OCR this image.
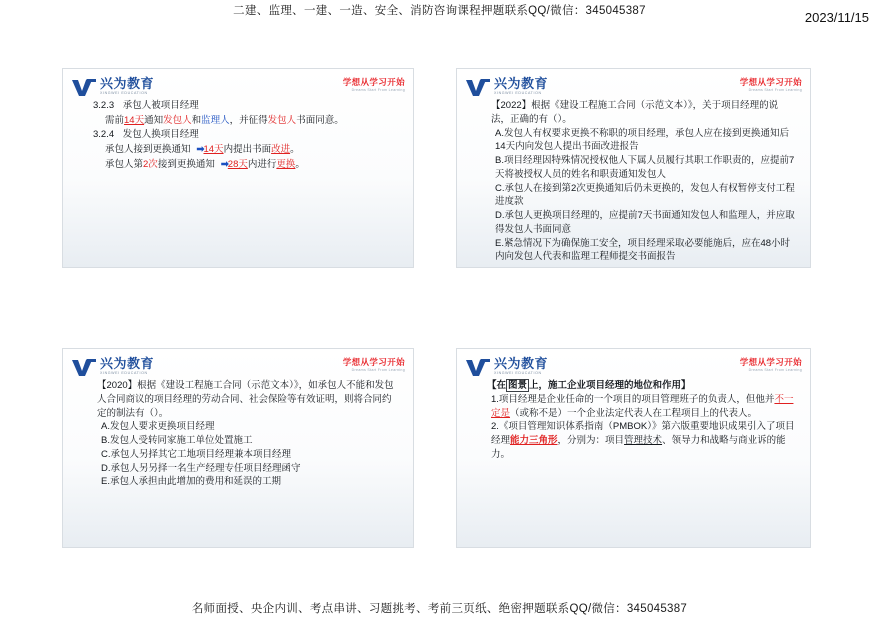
二建、监理、一建、一造、安全、消防咨询课程押题联系QQ/微信：345045387	2023/11/15
兴为教育
XINGWEI EDUCATION
学想从学习开始
Dreams Start From Learning
3.2.3 承包人被项目经理
需前14天通知发包人和监理人，并征得发包人书面同意。
3.2.4 发包人换项目经理
承包人接到更换通知 ➡14天内提出书面改进。
承包人第2次接到更换通知 ➡28天内进行更换。
兴为教育
XINGWEI EDUCATION
学想从学习开始
Dreams Start From Learning
【2022】根据《建设工程施工合同（示范文本）》，关于项目经理的说法，正确的有（）。
A.发包人有权要求更换不称职的项目经理，承包人应在接到更换通知后14天内向发包人提出书面改进报告
B.项目经理因特殊情况授权他人下属人员履行其职工作职责的，应提前7天将被授权人员的姓名和职责通知发包人
C.承包人在接到第2次更换通知后仍未更换的，发包人有权暂停支付工程进度款
D.承包人更换项目经理的，应提前7天书面通知发包人和监理人，并应取得发包人书面同意
E.紧急情况下为确保施工安全，项目经理采取必要能施后，应在48小时内向发包人代表和监理工程师提交书面报告
兴为教育
XINGWEI EDUCATION
学想从学习开始
Dreams Start From Learning
【2020】根据《建设工程施工合同（示范文本）》，如承包人不能和发包人合同商议的项目经理的劳动合同、社会保险等有效证明，则将合同约定的制法有（）。
A.发包人要求更换项目经理
B.发包人受转同家施工单位处置施工
C.承包人另择其它工地项目经理兼本项目经理
D.承包人另另择一名生产经理专任项目经理函守
E.承包人承担由此增加的费用和延误的工期
兴为教育
XINGWEI EDUCATION
学想从学习开始
Dreams Start From Learning
【在 图景 上，施工企业项目经理的地位和作用】
1.项目经理是企业任命的一个项目的项目管理班子的负责人，但他并不一定是（或称不是）一个企业法定代表人在工程项目上的代表人。
2.《项目管理知识体系指南（PMBOK）》第六版重要地识成果引入了项目经理能力三角形，分别为：项目管理技术、领导力和战略与商业诉的能力。
名师面授、央企内训、考点串讲、习题挑考、考前三页纸、绝密押题联系QQ/微信：345045387
